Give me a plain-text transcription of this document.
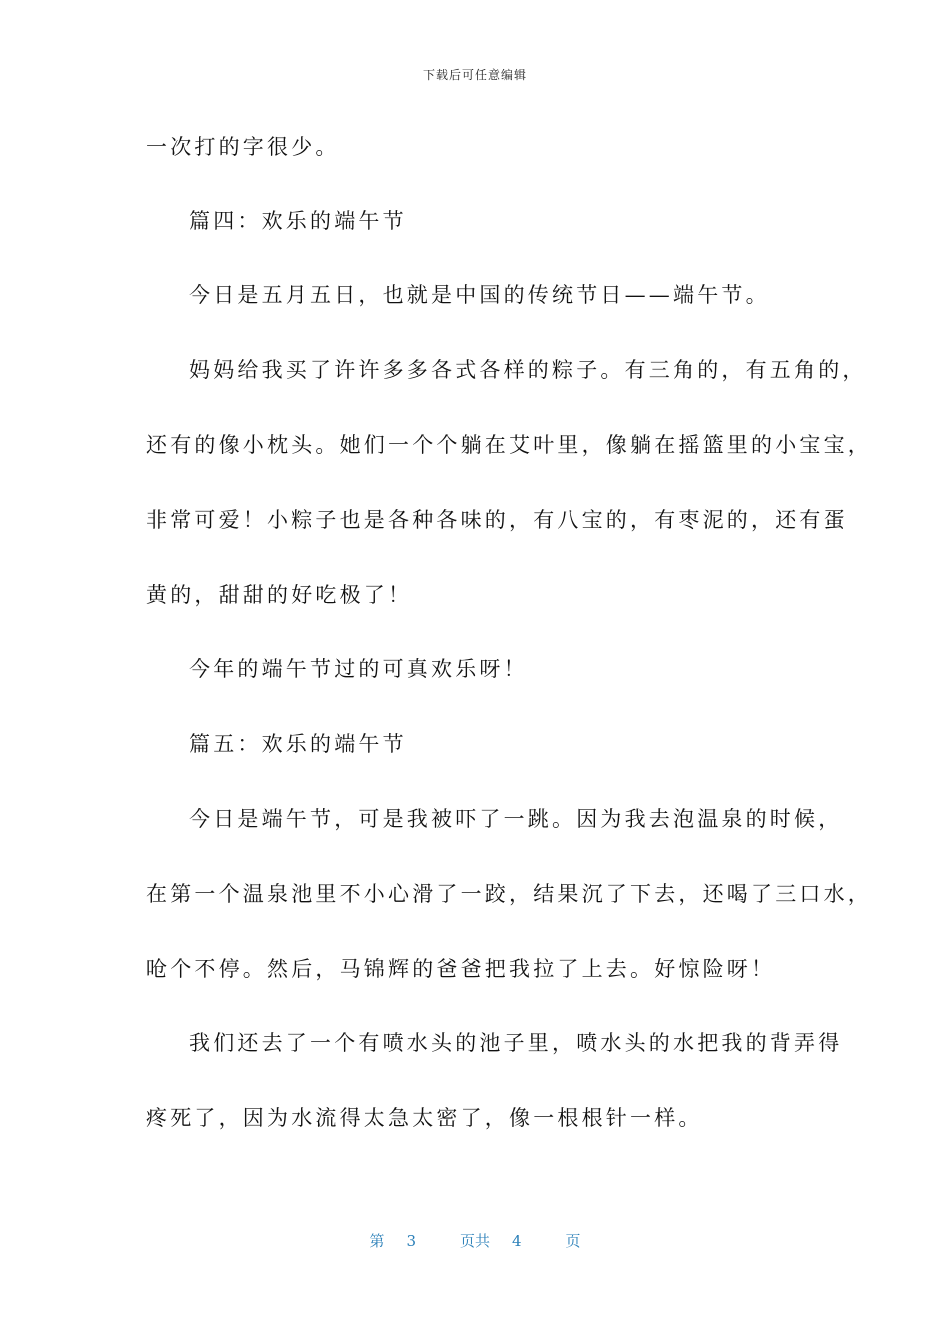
下载后可任意编辑
一次打的字很少。
篇四：欢乐的端午节
今日是五月五日，也就是中国的传统节日——端午节。
妈妈给我买了许许多多各式各样的粽子。有三角的，有五角的，
还有的像小枕头。她们一个个躺在艾叶里，像躺在摇篮里的小宝宝，
非常可爱！小粽子也是各种各味的，有八宝的，有枣泥的，还有蛋
黄的，甜甜的好吃极了！
今年的端午节过的可真欢乐呀！
篇五：欢乐的端午节
今日是端午节，可是我被吓了一跳。因为我去泡温泉的时候，
在第一个温泉池里不小心滑了一跤，结果沉了下去，还喝了三口水，
呛个不停。然后，马锦辉的爸爸把我拉了上去。好惊险呀！
我们还去了一个有喷水头的池子里，喷水头的水把我的背弄得
疼死了，因为水流得太急太密了，像一根根针一样。
第 3	页共 4	页
